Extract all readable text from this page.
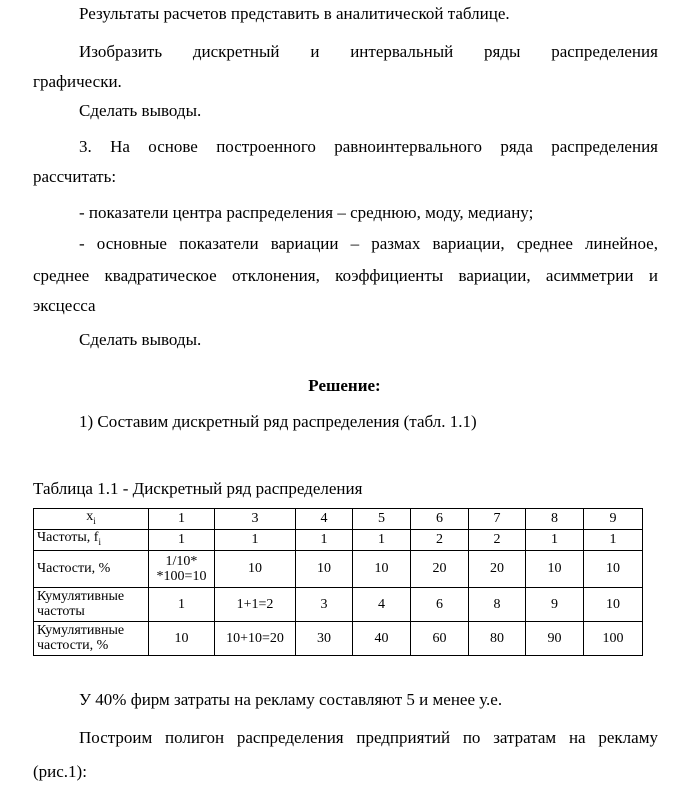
Результаты расчетов представить в аналитической таблице.
Изобразить дискретный и интервальный ряды распределения
графически.
Сделать выводы.
3. На основе построенного равноинтервального ряда распределения
рассчитать:
- показатели центра распределения – среднюю, моду, медиану;
- основные показатели вариации – размах вариации, среднее линейное,
среднее квадратическое отклонения, коэффициенты вариации, асимметрии и
эксцесса
Сделать выводы.
Решение:
1) Составим дискретный ряд распределения (табл. 1.1)
Таблица 1.1 - Дискретный ряд распределения
$x_i$	1	3	4	5	6	7	8	9
Частоты, $f_i$	1	1	1	1	2	2	1	1
Частости, %	1/10*
*100=10	10	10	10	20	20	10	10
Кумулятивные частоты	1	1+1=2	3	4	6	8	9	10
Кумулятивные частости, %	10	10+10=20	30	40	60	80	90	100
У 40% фирм затраты на рекламу составляют 5 и менее у.е.
Построим полигон распределения предприятий по затратам на рекламу
(рис.1):
